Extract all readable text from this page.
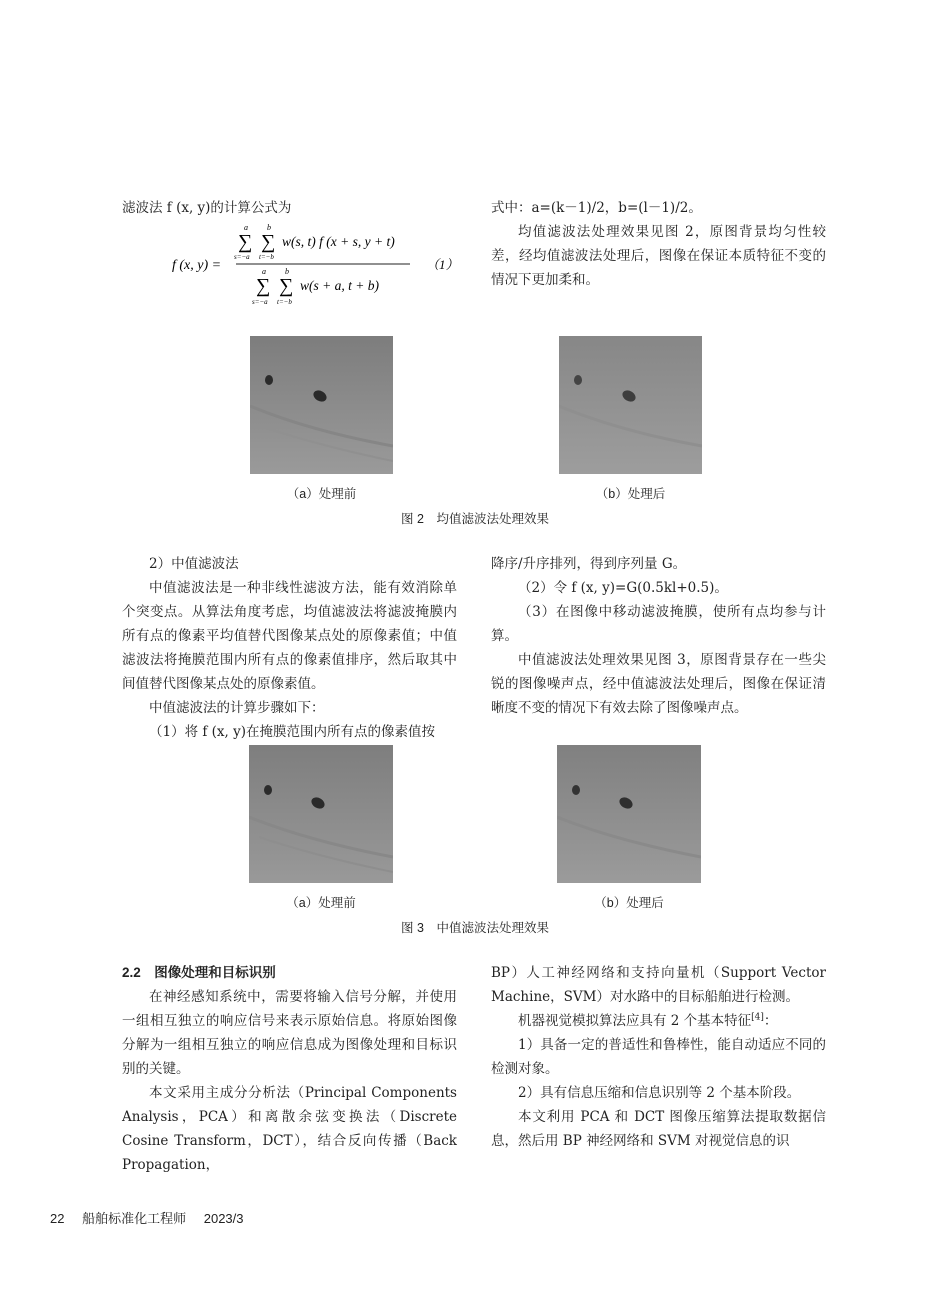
滤波法 f (x, y)的计算公式为

f (x, y) =
∑
a
s=−a
∑
b
t=−b
w(s, t) f (x + s, y + t)
∑
a
s=−a
∑
b
t=−b
w(s + a, t + b)
（1）

式中：a=(k－1)/2，b=(l－1)/2。

均值滤波法处理效果见图 2，原图背景均匀性较差，经均值滤波法处理后，图像在保证本质特征不变的情况下更加柔和。

（a）处理前	（b）处理后
图 2　均值滤波法处理效果

2）中值滤波法

中值滤波法是一种非线性滤波方法，能有效消除单个突变点。从算法角度考虑，均值滤波法将滤波掩膜内所有点的像素平均值替代图像某点处的原像素值；中值滤波法将掩膜范围内所有点的像素值排序，然后取其中间值替代图像某点处的原像素值。

中值滤波法的计算步骤如下：

（1）将 f (x, y)在掩膜范围内所有点的像素值按

降序/升序排列，得到序列量 G。

（2）令 f (x, y)=G(0.5kl+0.5)。

（3）在图像中移动滤波掩膜，使所有点均参与计算。

中值滤波法处理效果见图 3，原图背景存在一些尖锐的图像噪声点，经中值滤波法处理后，图像在保证清晰度不变的情况下有效去除了图像噪声点。

（a）处理前	（b）处理后
图 3　中值滤波法处理效果

2.2　图像处理和目标识别

在神经感知系统中，需要将输入信号分解，并使用一组相互独立的响应信号来表示原始信息。将原始图像分解为一组相互独立的响应信息成为图像处理和目标识别的关键。

本文采用主成分分析法（Principal Components Analysis，PCA）和离散余弦变换法（Discrete Cosine Transform，DCT），结合反向传播（Back Propagation，

BP）人工神经网络和支持向量机（Support Vector Machine，SVM）对水路中的目标船舶进行检测。

机器视觉模拟算法应具有 2 个基本特征[4]：

1）具备一定的普适性和鲁棒性，能自动适应不同的检测对象。

2）具有信息压缩和信息识别等 2 个基本阶段。

本文利用 PCA 和 DCT 图像压缩算法提取数据信息，然后用 BP 神经网络和 SVM 对视觉信息的识

22 船舶标准化工程师 2023/3
